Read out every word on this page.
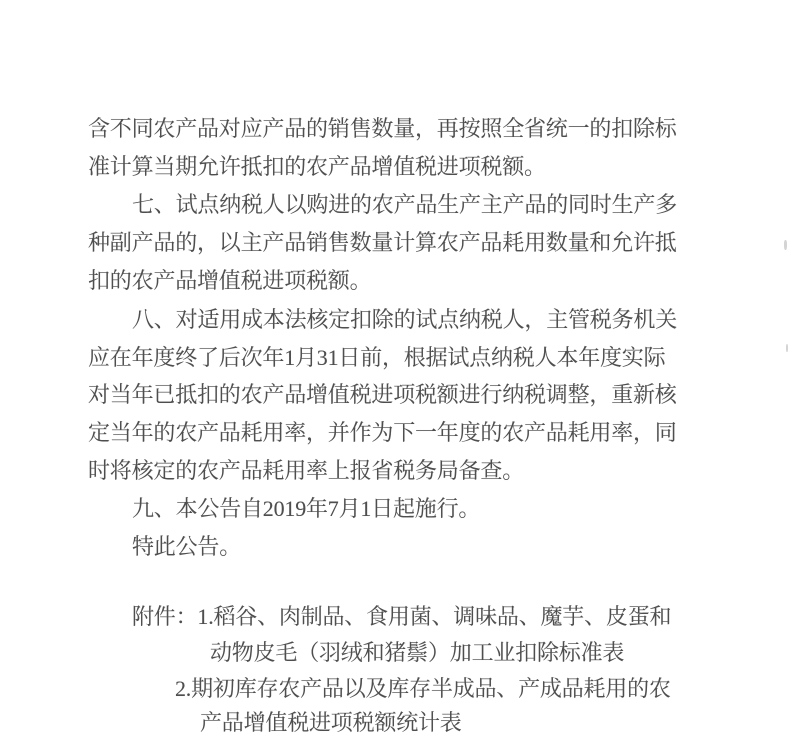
含不同农产品对应产品的销售数量，再按照全省统一的扣除标
准计算当期允许抵扣的农产品增值税进项税额。
七、试点纳税人以购进的农产品生产主产品的同时生产多
种副产品的，以主产品销售数量计算农产品耗用数量和允许抵
扣的农产品增值税进项税额。
八、对适用成本法核定扣除的试点纳税人，主管税务机关
应在年度终了后次年1月31日前，根据试点纳税人本年度实际
对当年已抵扣的农产品增值税进项税额进行纳税调整，重新核
定当年的农产品耗用率，并作为下一年度的农产品耗用率，同
时将核定的农产品耗用率上报省税务局备查。
九、本公告自2019年7月1日起施行。
特此公告。
附件：1.稻谷、肉制品、食用菌、调味品、魔芋、皮蛋和
动物皮毛（羽绒和猪鬃）加工业扣除标准表
2.期初库存农产品以及库存半成品、产成品耗用的农
产品增值税进项税额统计表
